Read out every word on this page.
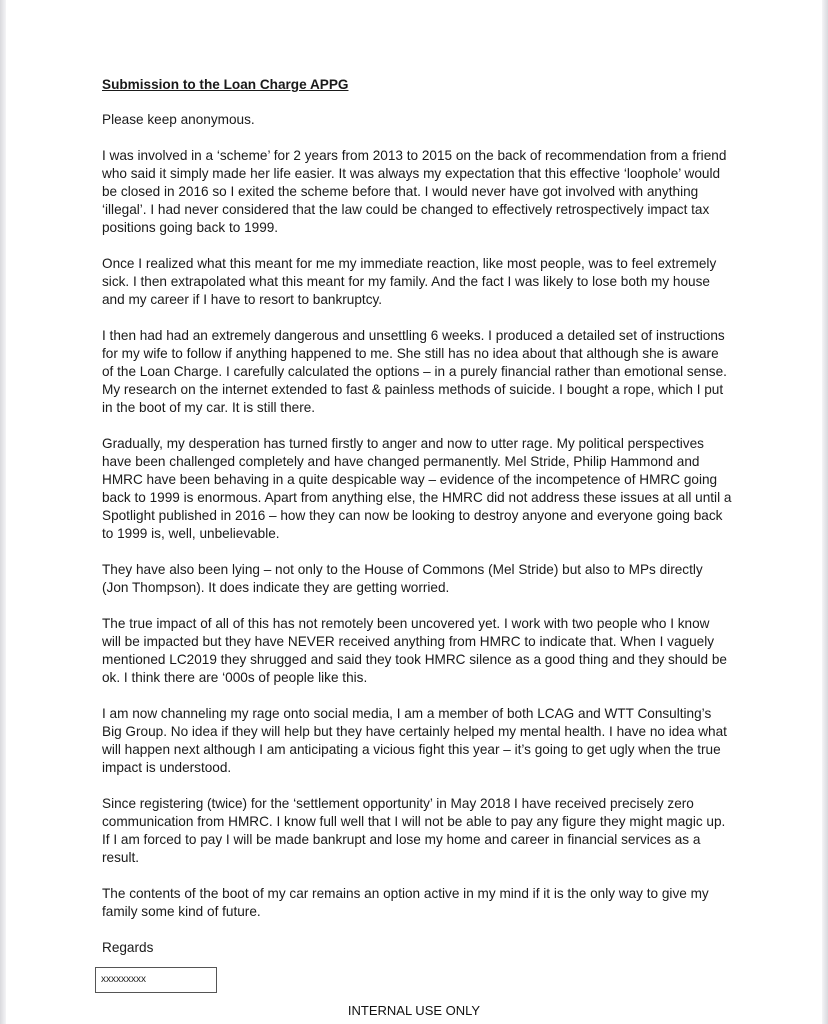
Submission to the Loan Charge APPG

Please keep anonymous.

I was involved in a ‘scheme’ for 2 years from 2013 to 2015 on the back of recommendation from a friend who said it simply made her life easier. It was always my expectation that this effective ‘loophole’ would be closed in 2016 so I exited the scheme before that. I would never have got involved with anything ‘illegal’. I had never considered that the law could be changed to effectively retrospectively impact tax positions going back to 1999.

Once I realized what this meant for me my immediate reaction, like most people, was to feel extremely sick. I then extrapolated what this meant for my family. And the fact I was likely to lose both my house and my career if I have to resort to bankruptcy.

I then had had an extremely dangerous and unsettling 6 weeks. I produced a detailed set of instructions for my wife to follow if anything happened to me. She still has no idea about that although she is aware of the Loan Charge. I carefully calculated the options – in a purely financial rather than emotional sense. My research on the internet extended to fast & painless methods of suicide. I bought a rope, which I put in the boot of my car. It is still there.

Gradually, my desperation has turned firstly to anger and now to utter rage. My political perspectives have been challenged completely and have changed permanently. Mel Stride, Philip Hammond and HMRC have been behaving in a quite despicable way – evidence of the incompetence of HMRC going back to 1999 is enormous. Apart from anything else, the HMRC did not address these issues at all until a Spotlight published in 2016 – how they can now be looking to destroy anyone and everyone going back to 1999 is, well, unbelievable.

They have also been lying – not only to the House of Commons (Mel Stride) but also to MPs directly (Jon Thompson). It does indicate they are getting worried.

The true impact of all of this has not remotely been uncovered yet. I work with two people who I know will be impacted but they have NEVER received anything from HMRC to indicate that. When I vaguely mentioned LC2019 they shrugged and said they took HMRC silence as a good thing and they should be ok. I think there are ‘000s of people like this.

I am now channeling my rage onto social media, I am a member of both LCAG and WTT Consulting’s Big Group. No idea if they will help but they have certainly helped my mental health. I have no idea what will happen next although I am anticipating a vicious fight this year – it’s going to get ugly when the true impact is understood.

Since registering (twice) for the ‘settlement opportunity’ in May 2018 I have received precisely zero communication from HMRC. I know full well that I will not be able to pay any figure they might magic up. If I am forced to pay I will be made bankrupt and lose my home and career in financial services as a result.

The contents of the boot of my car remains an option active in my mind if it is the only way to give my family some kind of future.

Regards

xxxxxxxxx
INTERNAL USE ONLY
